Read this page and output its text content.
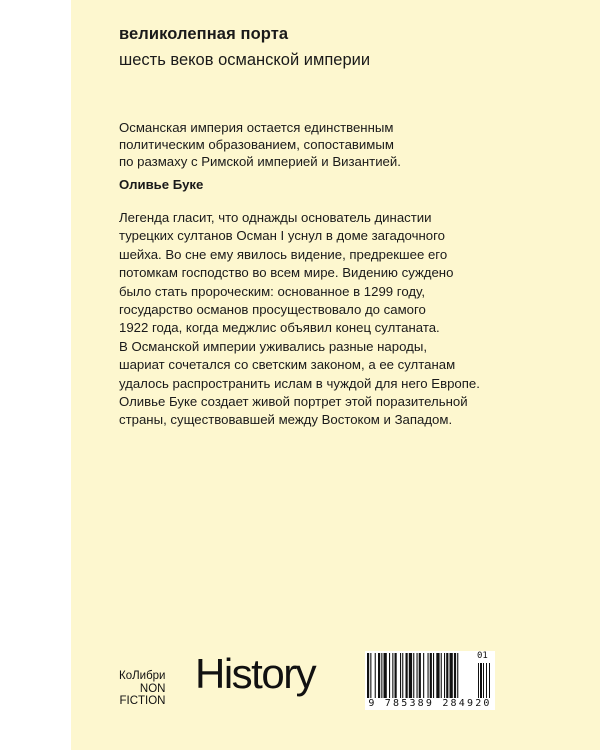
великолепная порта
шесть веков османской империи
Османская империя остается единственным
политическим образованием, сопоставимым
по размаху с Римской империей и Византией.
Оливье Буке
Легенда гласит, что однажды основатель династии
турецких султанов Осман I уснул в доме загадочного
шейха. Во сне ему явилось видение, предрекшее его
потомкам господство во всем мире. Видению суждено
было стать пророческим: основанное в 1299 году,
государство османов просуществовало до самого
1922 года, когда меджлис объявил конец султаната.
В Османской империи уживались разные народы,
шариат сочетался со светским законом, а ее султанам
удалось распространить ислам в чуждой для него Европе.
Оливье Буке создает живой портрет этой поразительной
страны, существовавшей между Востоком и Западом.
КоЛибри
NON
FICTION
History
9 785389 284920
01
